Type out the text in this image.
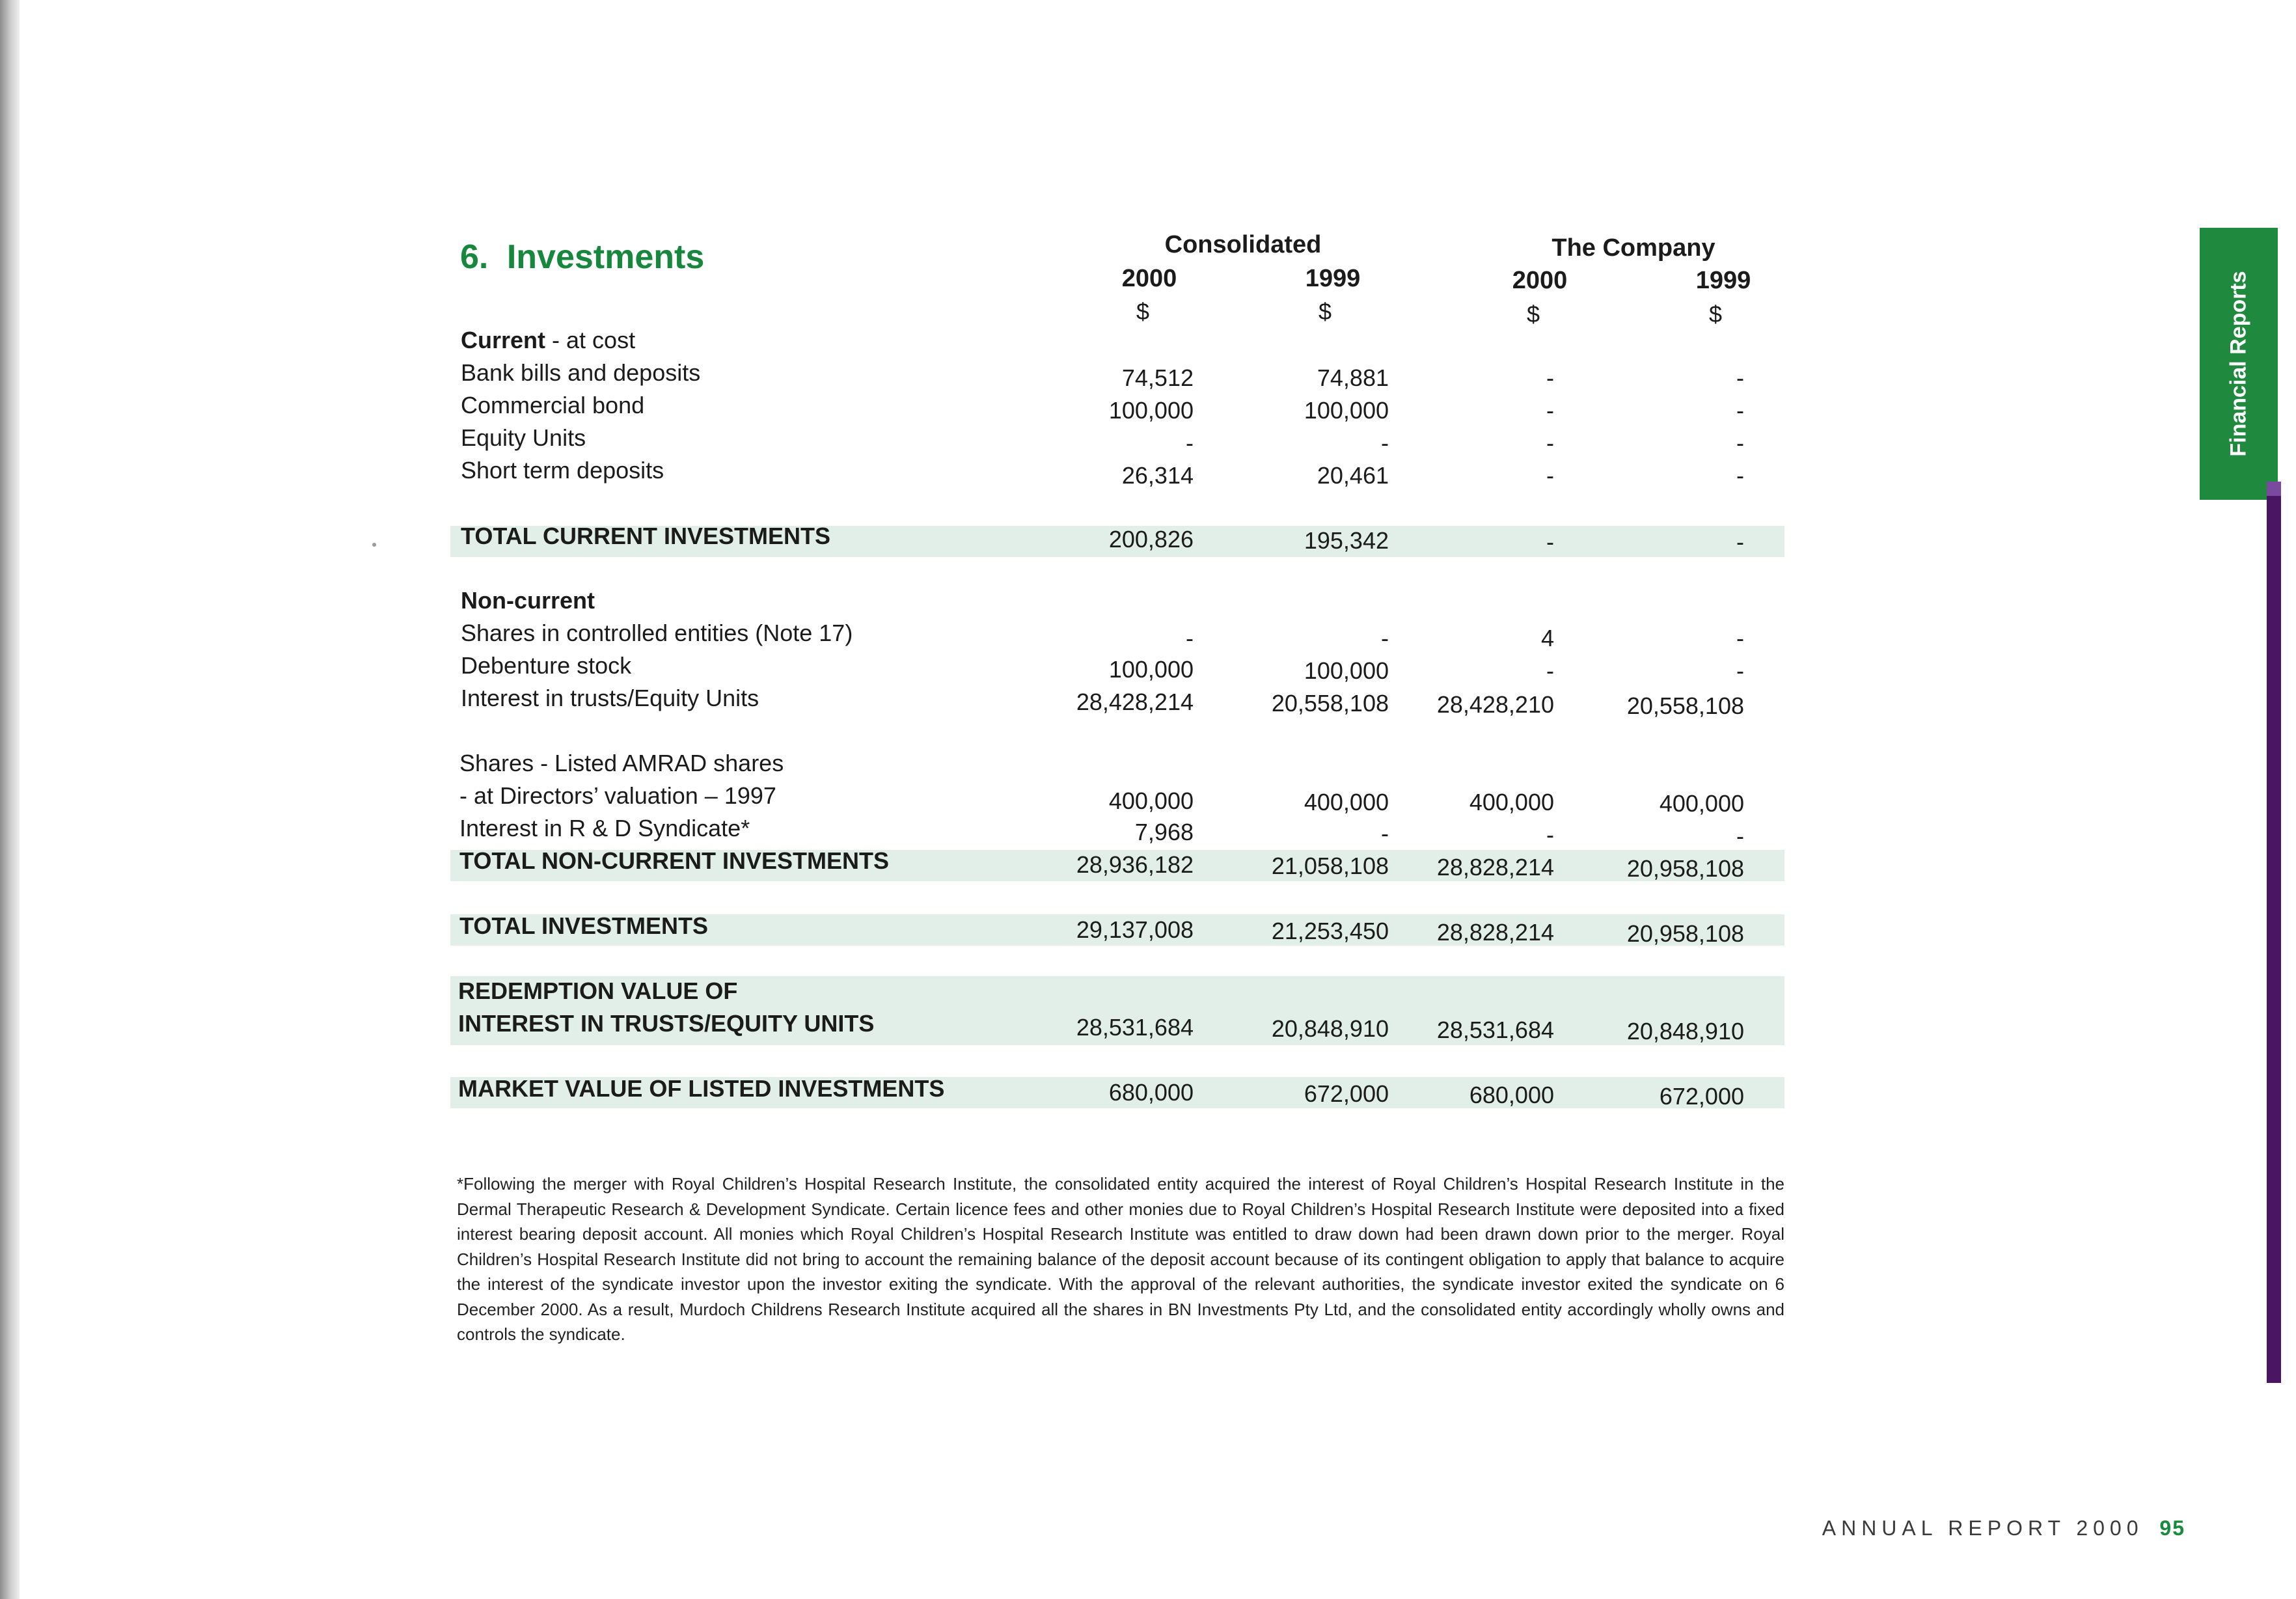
6. Investments
Financial Reports
Consolidated	The Company
2000	1999	2000	1999
$	$	$	$
Current - at cost
Bank bills and deposits	74,512	74,881	-	-
Commercial bond	100,000	100,000	-	-
Equity Units	-	-	-	-
Short term deposits	26,314	20,461	-	-
TOTAL CURRENT INVESTMENTS	200,826	195,342	-	-
Non-current
Shares in controlled entities (Note 17)	-	-	4	-
Debenture stock	100,000	100,000	-	-
Interest in trusts/Equity Units	28,428,214	20,558,108	28,428,210	20,558,108
Shares - Listed AMRAD shares
- at Directors’ valuation – 1997	400,000	400,000	400,000	400,000
Interest in R & D Syndicate*	7,968	-	-	-
TOTAL NON-CURRENT INVESTMENTS	28,936,182	21,058,108	28,828,214	20,958,108
TOTAL INVESTMENTS	29,137,008	21,253,450	28,828,214	20,958,108
REDEMPTION VALUE OF
INTEREST IN TRUSTS/EQUITY UNITS	28,531,684	20,848,910	28,531,684	20,848,910
MARKET VALUE OF LISTED INVESTMENTS	680,000	672,000	680,000	672,000
*Following the merger with Royal Children’s Hospital Research Institute, the consolidated entity acquired the interest of Royal Children’s Hospital Research Institute in the Dermal Therapeutic Research & Development Syndicate. Certain licence fees and other monies due to Royal Children’s Hospital Research Institute were deposited into a fixed interest bearing deposit account. All monies which Royal Children’s Hospital Research Institute was entitled to draw down had been drawn down prior to the merger. Royal Children’s Hospital Research Institute did not bring to account the remaining balance of the deposit account because of its contingent obligation to apply that balance to acquire the interest of the syndicate investor upon the investor exiting the syndicate. With the approval of the relevant authorities, the syndicate investor exited the syndicate on 6 December 2000. As a result, Murdoch Childrens Research Institute acquired all the shares in BN Investments Pty Ltd, and the consolidated entity accordingly wholly owns and controls the syndicate.
ANNUAL REPORT 2000 95
